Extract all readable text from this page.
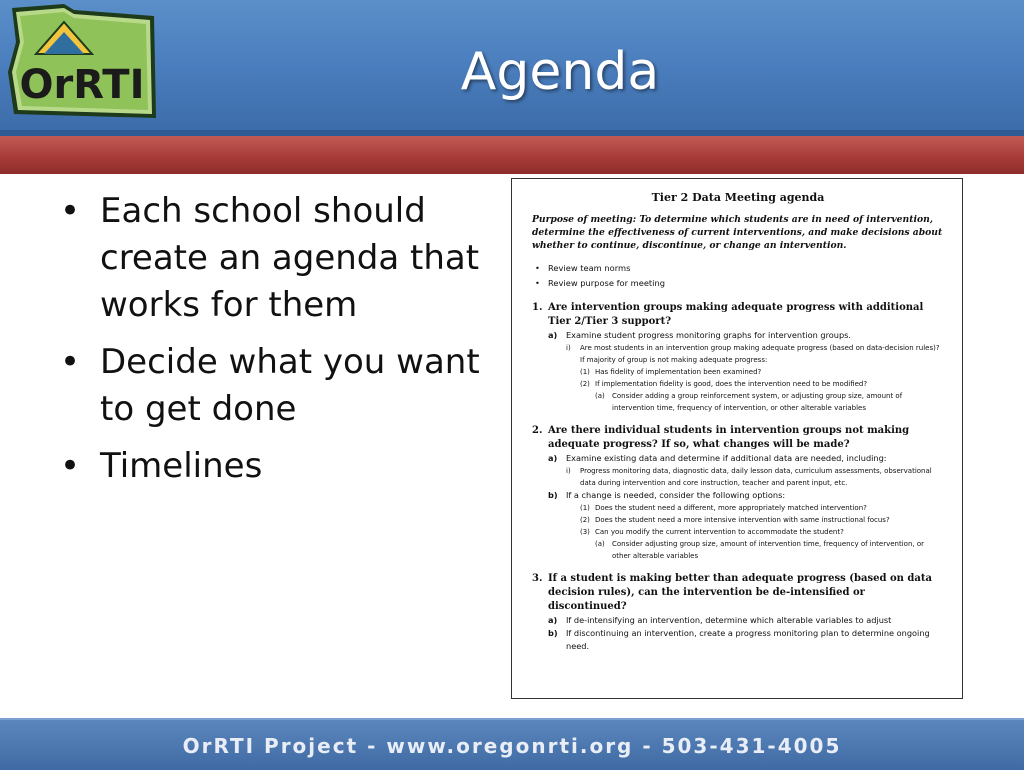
OrRTI	Agenda
• Each school should create an agenda that works for them
• Decide what you want to get done
• Timelines
Tier 2 Data Meeting agenda
Purpose of meeting: To determine which students are in need of intervention, determine the effectiveness of current interventions, and make decisions about whether to continue, discontinue, or change an intervention.
• Review team norms
• Review purpose for meeting
1. Are intervention groups making adequate progress with additional Tier 2/Tier 3 support?
a) Examine student progress monitoring graphs for intervention groups.
i) Are most students in an intervention group making adequate progress (based on data-decision rules)? If majority of group is not making adequate progress:
(1) Has fidelity of implementation been examined?
(2) If implementation fidelity is good, does the intervention need to be modified?
(a) Consider adding a group reinforcement system, or adjusting group size, amount of intervention time, frequency of intervention, or other alterable variables
2. Are there individual students in intervention groups not making adequate progress? If so, what changes will be made?
a) Examine existing data and determine if additional data are needed, including:
i) Progress monitoring data, diagnostic data, daily lesson data, curriculum assessments, observational data during intervention and core instruction, teacher and parent input, etc.
b) If a change is needed, consider the following options:
(1) Does the student need a different, more appropriately matched intervention?
(2) Does the student need a more intensive intervention with same instructional focus?
(3) Can you modify the current intervention to accommodate the student?
(a) Consider adjusting group size, amount of intervention time, frequency of intervention, or other alterable variables
3. If a student is making better than adequate progress (based on data decision rules), can the intervention be de-intensified or discontinued?
a) If de-intensifying an intervention, determine which alterable variables to adjust
b) If discontinuing an intervention, create a progress monitoring plan to determine ongoing need.
OrRTI Project - www.oregonrti.org - 503-431-4005
